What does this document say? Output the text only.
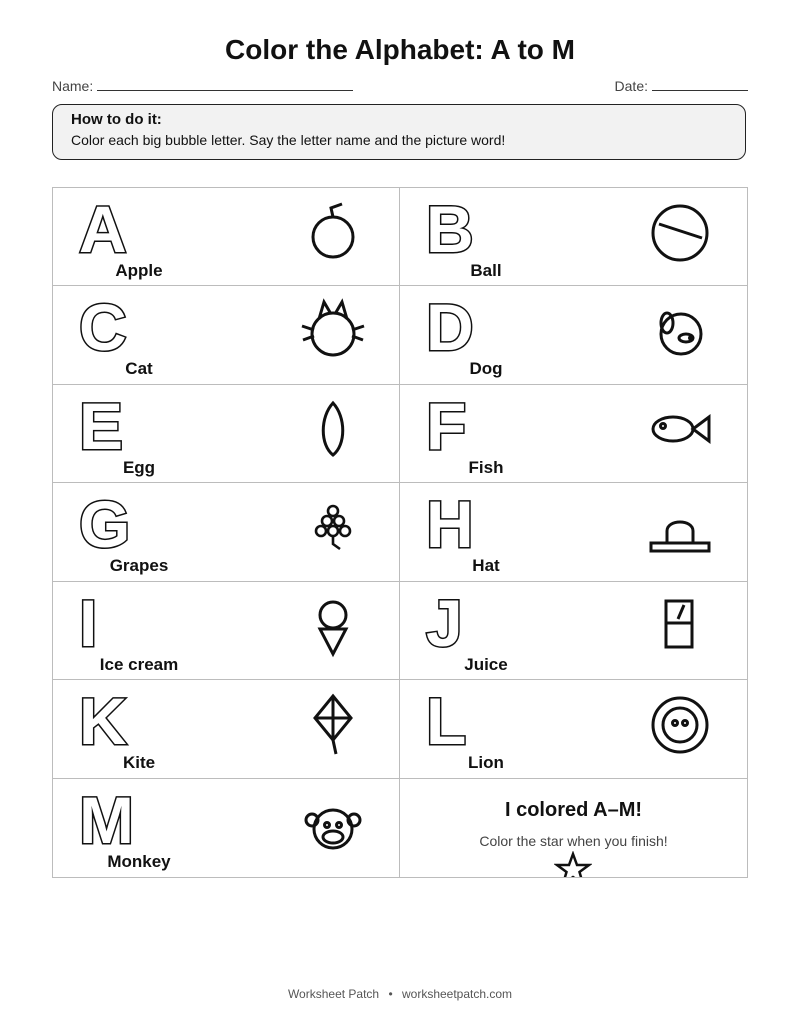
Color the Alphabet: A to M
Name:	Date:
How to do it:
Color each big bubble letter. Say the letter name and the picture word!
A
Apple
B
Ball
C
Cat
D
Dog
E
Egg
F
Fish
G
Grapes
H
Hat
I
Ice cream
J
Juice
K
Kite
L
Lion
M
Monkey
I colored A–M!
Color the star when you finish!
Worksheet Patch • worksheetpatch.com
